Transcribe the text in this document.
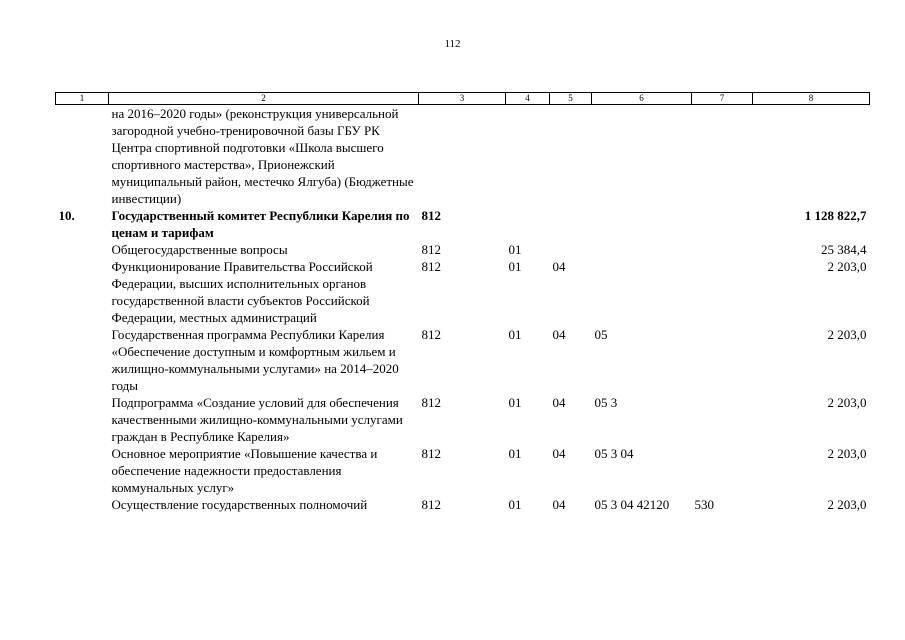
112
1	2	3	4	5	6	7	8
	на 2016–2020 годы» (реконструкция универсальной загородной учебно-тренировочной базы ГБУ РК Центра спортивной подготовки «Школа высшего спортивного мастерства», Прионежский муниципальный район, местечко Ялгуба) (Бюджетные инвестиции)						
10.	Государственный комитет Республики Карелия по ценам и тарифам	812					1 128 822,7
	Общегосударственные вопросы	812	01				25 384,4
	Функционирование Правительства Российской Федерации, высших исполнительных органов государственной власти субъектов Российской Федерации, местных администраций	812	01	04			2 203,0
	Государственная программа Республики Карелия «Обеспечение доступным и комфортным жильем и жилищно-коммунальными услугами» на 2014–2020 годы	812	01	04	05		2 203,0
	Подпрограмма «Создание условий для обеспечения качественными жилищно-коммунальными услугами граждан в Республике Карелия»	812	01	04	05 3		2 203,0
	Основное мероприятие «Повышение качества и обеспечение надежности предоставления коммунальных услуг»	812	01	04	05 3 04		2 203,0
	Осуществление государственных полномочий	812	01	04	05 3 04 42120	530	2 203,0
